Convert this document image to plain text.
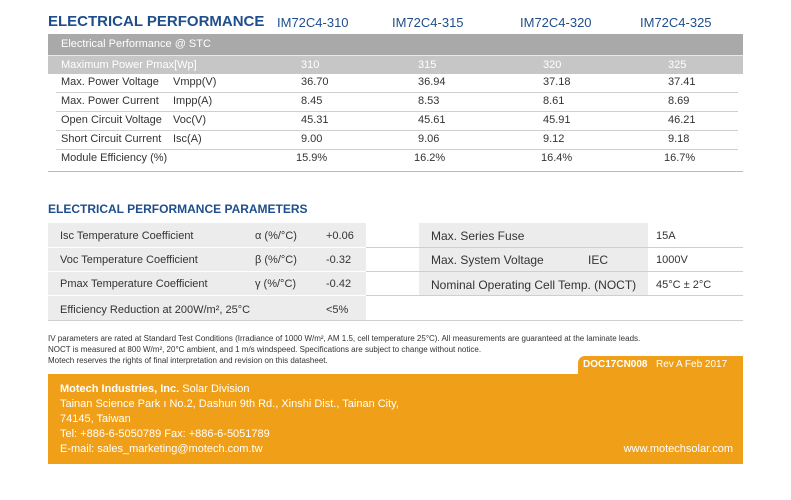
ELECTRICAL PERFORMANCE IM72C4-310	IM72C4-315	IM72C4-320	IM72C4-325
Electrical Performance @ STC
Maximum Power Pmax[Wp]	310	315	320	325
Max. Power Voltage Vmpp(V)	36.70	36.94	37.18	37.41
Max. Power Current Impp(A)	8.45	8.53	8.61	8.69
Open Circuit Voltage Voc(V)	45.31	45.61	45.91	46.21
Short Circuit Current Isc(A)	9.00	9.06	9.12	9.18
Module Efficiency (%)	15.9%	16.2%	16.4%	16.7%
ELECTRICAL PERFORMANCE PARAMETERS
Isc Temperature Coefficient	α (%/°C)	+0.06
Voc Temperature Coefficient	β (%/°C)	-0.32
Pmax Temperature Coefficient	γ (%/°C)	-0.42
Efficiency Reduction at 200W/m², 25°C	<5%
Max. Series Fuse	15A
Max. System Voltage	IEC	1000V
Nominal Operating Cell Temp. (NOCT) 45°C ± 2°C
IV parameters are rated at Standard Test Conditions (Irradiance of 1000 W/m², AM 1.5, cell temperature 25°C). All measurements are guaranteed at the laminate leads.
NOCT is measured at 800 W/m², 20°C ambient, and 1 m/s windspeed. Specifications are subject to change without notice.
Motech reserves the rights of final interpretation and revision on this datasheet.	DOC17CN008 Rev A Feb 2017
Motech Industries, Inc. Solar Division
Tainan Science Park ı No.2, Dashun 9th Rd., Xinshi Dist., Tainan City,
74145, Taiwan
Tel: +886-6-5050789 Fax: +886-6-5051789
E-mail: sales_marketing@motech.com.tw	www.motechsolar.com
